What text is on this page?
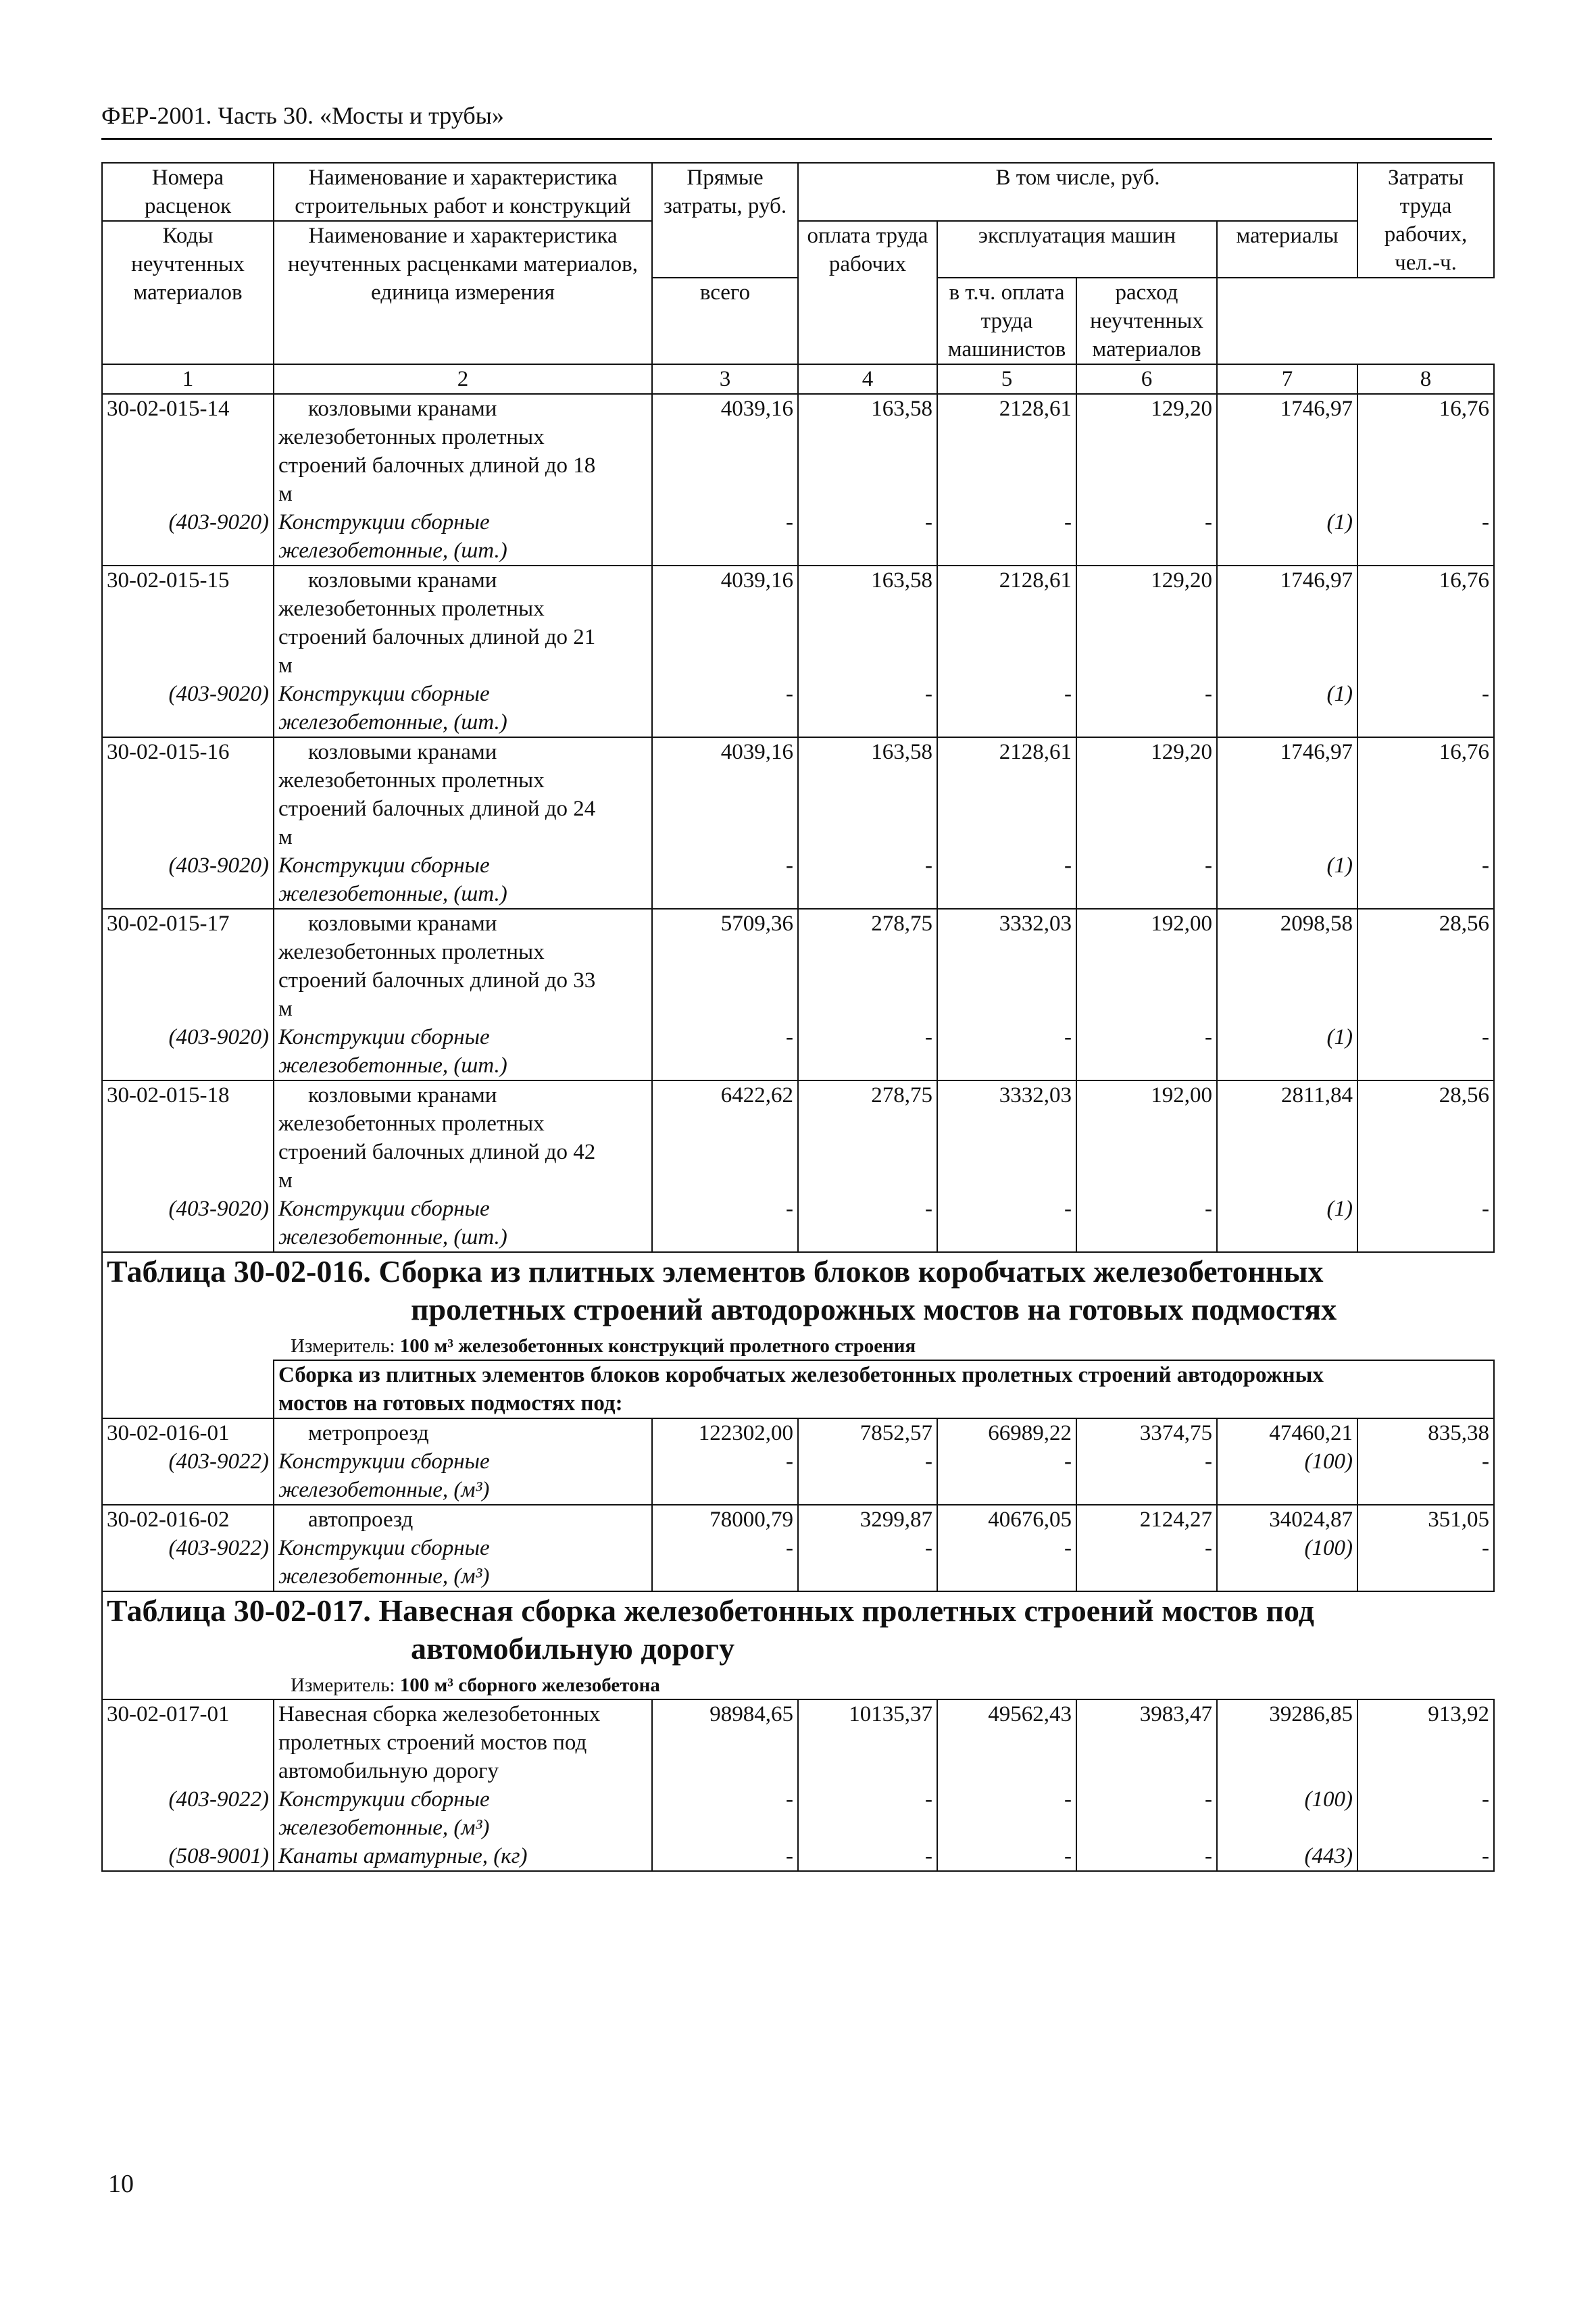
ФЕР-2001. Часть 30. «Мосты и трубы»
Номера расценок	Наименование и характеристика строительных работ и конструкций	Прямые затраты, руб.	В том числе, руб.				Затраты труда рабочих, чел.-ч.
Коды неучтенных материалов	Наименование и характеристика неучтенных расценками материалов, единица измерения		оплата труда рабочих	эксплуатация машин		материалы	
		всего		в т.ч. оплата труда машинистов	расход неучтенных материалов		
1	2	3	4	5	6	7	8
30-02-015-14	козловыми кранами
железобетонных пролетных
строений балочных длиной до 18
м	4039,16	163,58	2128,61	129,20	1746,97	16,76
(403-9020)	Конструкции сборные
железобетонные, (шт.)	-	-	-	-	(1)	-
30-02-015-15	козловыми кранами
железобетонных пролетных
строений балочных длиной до 21
м	4039,16	163,58	2128,61	129,20	1746,97	16,76
(403-9020)	Конструкции сборные
железобетонные, (шт.)	-	-	-	-	(1)	-
30-02-015-16	козловыми кранами
железобетонных пролетных
строений балочных длиной до 24
м	4039,16	163,58	2128,61	129,20	1746,97	16,76
(403-9020)	Конструкции сборные
железобетонные, (шт.)	-	-	-	-	(1)	-
30-02-015-17	козловыми кранами
железобетонных пролетных
строений балочных длиной до 33
м	5709,36	278,75	3332,03	192,00	2098,58	28,56
(403-9020)	Конструкции сборные
железобетонные, (шт.)	-	-	-	-	(1)	-
30-02-015-18	козловыми кранами
железобетонных пролетных
строений балочных длиной до 42
м	6422,62	278,75	3332,03	192,00	2811,84	28,56
(403-9020)	Конструкции сборные
железобетонные, (шт.)	-	-	-	-	(1)	-

Таблица 30-02-016. Сборка из плитных элементов блоков коробчатых железобетонных
пролетных строений автодорожных мостов на готовых подмостях
Измеритель: 100 м³ железобетонных конструкций пролетного строения							

	Сборка из плитных элементов блоков коробчатых железобетонных пролетных строений автодорожных
мостов на готовых подмостях под:						
30-02-016-01	метропроезд	122302,00	7852,57	66989,22	3374,75	47460,21	835,38
(403-9022)	Конструкции сборные
железобетонные, (м³)	-	-	-	-	(100)	-
30-02-016-02	автопроезд	78000,79	3299,87	40676,05	2124,27	34024,87	351,05
(403-9022)	Конструкции сборные
железобетонные, (м³)	-	-	-	-	(100)	-

Таблица 30-02-017. Навесная сборка железобетонных пролетных строений мостов под
автомобильную дорогу
Измеритель: 100 м³ сборного железобетона							

30-02-017-01	Навесная сборка железобетонных
пролетных строений мостов под
автомобильную дорогу	98984,65	10135,37	49562,43	3983,47	39286,85	913,92
(403-9022)	Конструкции сборные
железобетонные, (м³)	-	-	-	-	(100)	-
(508-9001)	Канаты арматурные, (кг)	-	-	-	-	(443)	-
10
